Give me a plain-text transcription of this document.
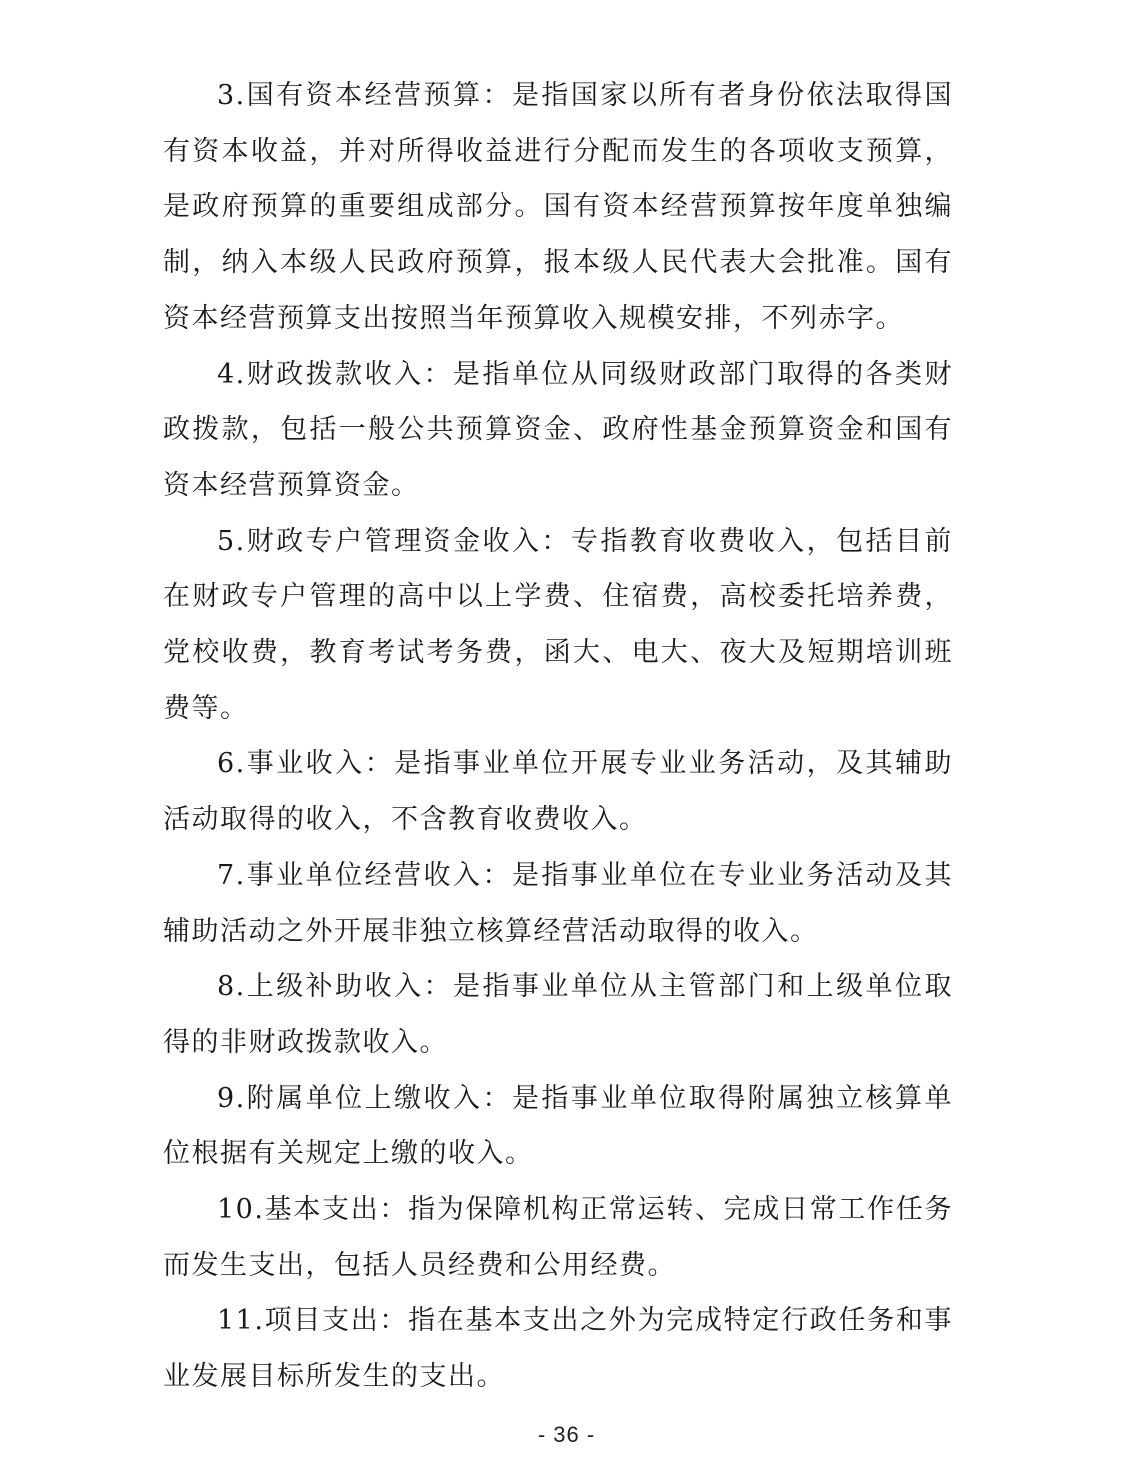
3.国有资本经营预算：是指国家以所有者身份依法取得国有资本收益，并对所得收益进行分配而发生的各项收支预算，是政府预算的重要组成部分。国有资本经营预算按年度单独编制，纳入本级人民政府预算，报本级人民代表大会批准。国有资本经营预算支出按照当年预算收入规模安排，不列赤字。

4.财政拨款收入：是指单位从同级财政部门取得的各类财政拨款，包括一般公共预算资金、政府性基金预算资金和国有资本经营预算资金。

5.财政专户管理资金收入：专指教育收费收入，包括目前在财政专户管理的高中以上学费、住宿费，高校委托培养费，党校收费，教育考试考务费，函大、电大、夜大及短期培训班费等。

6.事业收入：是指事业单位开展专业业务活动，及其辅助活动取得的收入，不含教育收费收入。

7.事业单位经营收入：是指事业单位在专业业务活动及其辅助活动之外开展非独立核算经营活动取得的收入。

8.上级补助收入：是指事业单位从主管部门和上级单位取得的非财政拨款收入。

9.附属单位上缴收入：是指事业单位取得附属独立核算单位根据有关规定上缴的收入。

10.基本支出：指为保障机构正常运转、完成日常工作任务而发生支出，包括人员经费和公用经费。

11.项目支出：指在基本支出之外为完成特定行政任务和事业发展目标所发生的支出。

- 36 -
